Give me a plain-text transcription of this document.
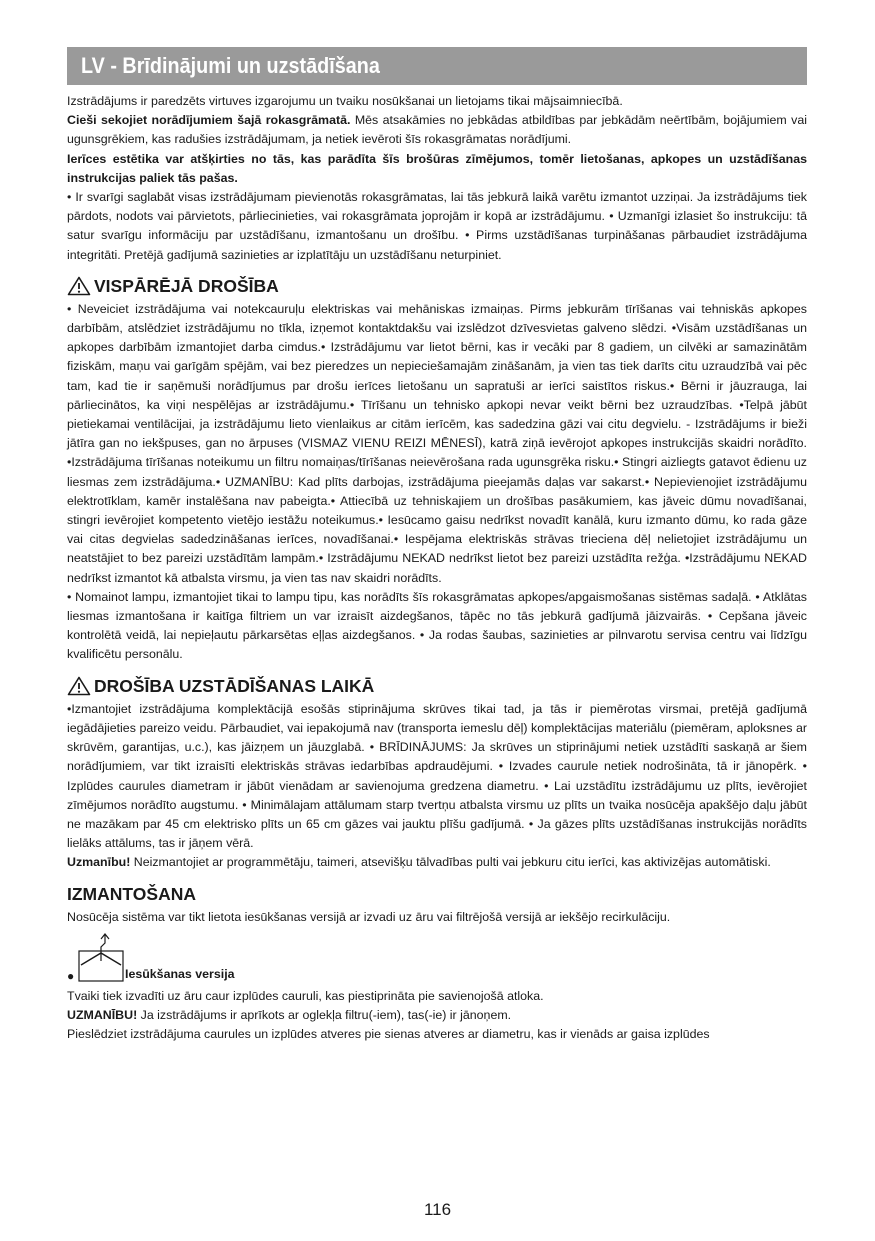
LV - Brīdinājumi un uzstādīšana

Izstrādājums ir paredzēts virtuves izgarojumu un tvaiku nosūkšanai un lietojams tikai mājsaimniecībā.

Cieši sekojiet norādījumiem šajā rokasgrāmatā. Mēs atsakāmies no jebkādas atbildības par jebkādām neērtībām, bojājumiem vai ugunsgrēkiem, kas radušies izstrādājumam, ja netiek ievēroti šīs rokasgrāmatas norādījumi.

Ierīces estētika var atšķirties no tās, kas parādīta šīs brošūras zīmējumos, tomēr lietošanas, apkopes un uzstādīšanas instrukcijas paliek tās pašas.

• Ir svarīgi saglabāt visas izstrādājumam pievienotās rokasgrāmatas, lai tās jebkurā laikā varētu izmantot uzziņai. Ja izstrādājums tiek pārdots, nodots vai pārvietots, pārliecinieties, vai rokasgrāmata joprojām ir kopā ar izstrādājumu. • Uzmanīgi izlasiet šo instrukciju: tā satur svarīgu informāciju par uzstādīšanu, izmantošanu un drošību. • Pirms uzstādīšanas turpināšanas pārbaudiet izstrādājuma integritāti. Pretējā gadījumā sazinieties ar izplatītāju un uzstādīšanu neturpiniet.

VISPĀRĒJĀ DROŠĪBA

• Neveiciet izstrādājuma vai notekcauruļu elektriskas vai mehāniskas izmaiņas. Pirms jebkurām tīrīšanas vai tehniskās apkopes darbībām, atslēdziet izstrādājumu no tīkla, izņemot kontaktdakšu vai izslēdzot dzīvesvietas galveno slēdzi. •Visām uzstādīšanas un apkopes darbībām izmantojiet darba cimdus.• Izstrādājumu var lietot bērni, kas ir vecāki par 8 gadiem, un cilvēki ar samazinātām fiziskām, maņu vai garīgām spējām, vai bez pieredzes un nepieciešamajām zināšanām, ja vien tas tiek darīts citu uzraudzībā vai pēc tam, kad tie ir saņēmuši norādījumus par drošu ierīces lietošanu un sapratuši ar ierīci saistītos riskus.• Bērni ir jāuzrauga, lai pārliecinātos, ka viņi nespēlējas ar izstrādājumu.• Tīrīšanu un tehnisko apkopi nevar veikt bērni bez uzraudzības. •Telpā jābūt pietiekamai ventilācijai, ja izstrādājumu lieto vienlaikus ar citām ierīcēm, kas sadedzina gāzi vai citu degvielu. - Izstrādājums ir bieži jātīra gan no iekšpuses, gan no ārpuses (VISMAZ VIENU REIZI MĒNESĪ), katrā ziņā ievērojot apkopes instrukcijās skaidri norādīto. •Izstrādājuma tīrīšanas noteikumu un filtru nomaiņas/tīrīšanas neievērošana rada ugunsgrēka risku.• Stingri aizliegts gatavot ēdienu uz liesmas zem izstrādājuma.• UZMANĪBU: Kad plīts darbojas, izstrādājuma pieejamās daļas var sakarst.• Nepievienojiet izstrādājumu elektrotīklam, kamēr instalēšana nav pabeigta.• Attiecībā uz tehniskajiem un drošības pasākumiem, kas jāveic dūmu novadīšanai, stingri ievērojiet kompetento vietējo iestāžu noteikumus.• Iesūcamo gaisu nedrīkst novadīt kanālā, kuru izmanto dūmu, ko rada gāze vai citas degvielas sadedzināšanas ierīces, novadīšanai.• Iespējama elektriskās strāvas trieciena dēļ nelietojiet izstrādājumu un neatstājiet to bez pareizi uzstādītām lampām.• Izstrādājumu NEKAD nedrīkst lietot bez pareizi uzstādīta režģa. •Izstrādājumu NEKAD nedrīkst izmantot kā atbalsta virsmu, ja vien tas nav skaidri norādīts.

• Nomainot lampu, izmantojiet tikai to lampu tipu, kas norādīts šīs rokasgrāmatas apkopes/apgaismošanas sistēmas sadaļā. • Atklātas liesmas izmantošana ir kaitīga filtriem un var izraisīt aizdegšanos, tāpēc no tās jebkurā gadījumā jāizvairās. • Cepšana jāveic kontrolētā veidā, lai nepieļautu pārkarsētas eļļas aizdegšanos. • Ja rodas šaubas, sazinieties ar pilnvarotu servisa centru vai līdzīgu kvalificētu personālu.

DROŠĪBA UZSTĀDĪŠANAS LAIKĀ

•Izmantojiet izstrādājuma komplektācijā esošās stiprinājuma skrūves tikai tad, ja tās ir piemērotas virsmai, pretējā gadījumā iegādājieties pareizo veidu. Pārbaudiet, vai iepakojumā nav (transporta iemeslu dēļ) komplektācijas materiālu (piemēram, aploksnes ar skrūvēm, garantijas, u.c.), kas jāizņem un jāuzglabā. • BRĪDINĀJUMS: Ja skrūves un stiprinājumi netiek uzstādīti saskaņā ar šiem norādījumiem, var tikt izraisīti elektriskās strāvas iedarbības apdraudējumi. • Izvades caurule netiek nodrošināta, tā ir jānopērk. • Izplūdes caurules diametram ir jābūt vienādam ar savienojuma gredzena diametru. • Lai uzstādītu izstrādājumu uz plīts, ievērojiet zīmējumos norādīto augstumu. • Minimālajam attālumam starp tvertņu atbalsta virsmu uz plīts un tvaika nosūcēja apakšējo daļu jābūt ne mazākam par 45 cm elektrisko plīts un 65 cm gāzes vai jauktu plīšu gadījumā. • Ja gāzes plīts uzstādīšanas instrukcijās norādīts lielāks attālums, tas ir jāņem vērā.

Uzmanību! Neizmantojiet ar programmētāju, taimeri, atsevišķu tālvadības pulti vai jebkuru citu ierīci, kas aktivizējas automātiski.

IZMANTOŠANA

Nosūcēja sistēma var tikt lietota iesūkšanas versijā ar izvadi uz āru vai filtrējošā versijā ar iekšējo recirkulāciju.

●	Iesūkšanas versija

Tvaiki tiek izvadīti uz āru caur izplūdes cauruli, kas piestiprināta pie savienojošā atloka.

UZMANĪBU! Ja izstrādājums ir aprīkots ar oglekļa filtru(-iem), tas(-ie) ir jānoņem.

Pieslēdziet izstrādājuma caurules un izplūdes atveres pie sienas atveres ar diametru, kas ir vienāds ar gaisa izplūdes

116
